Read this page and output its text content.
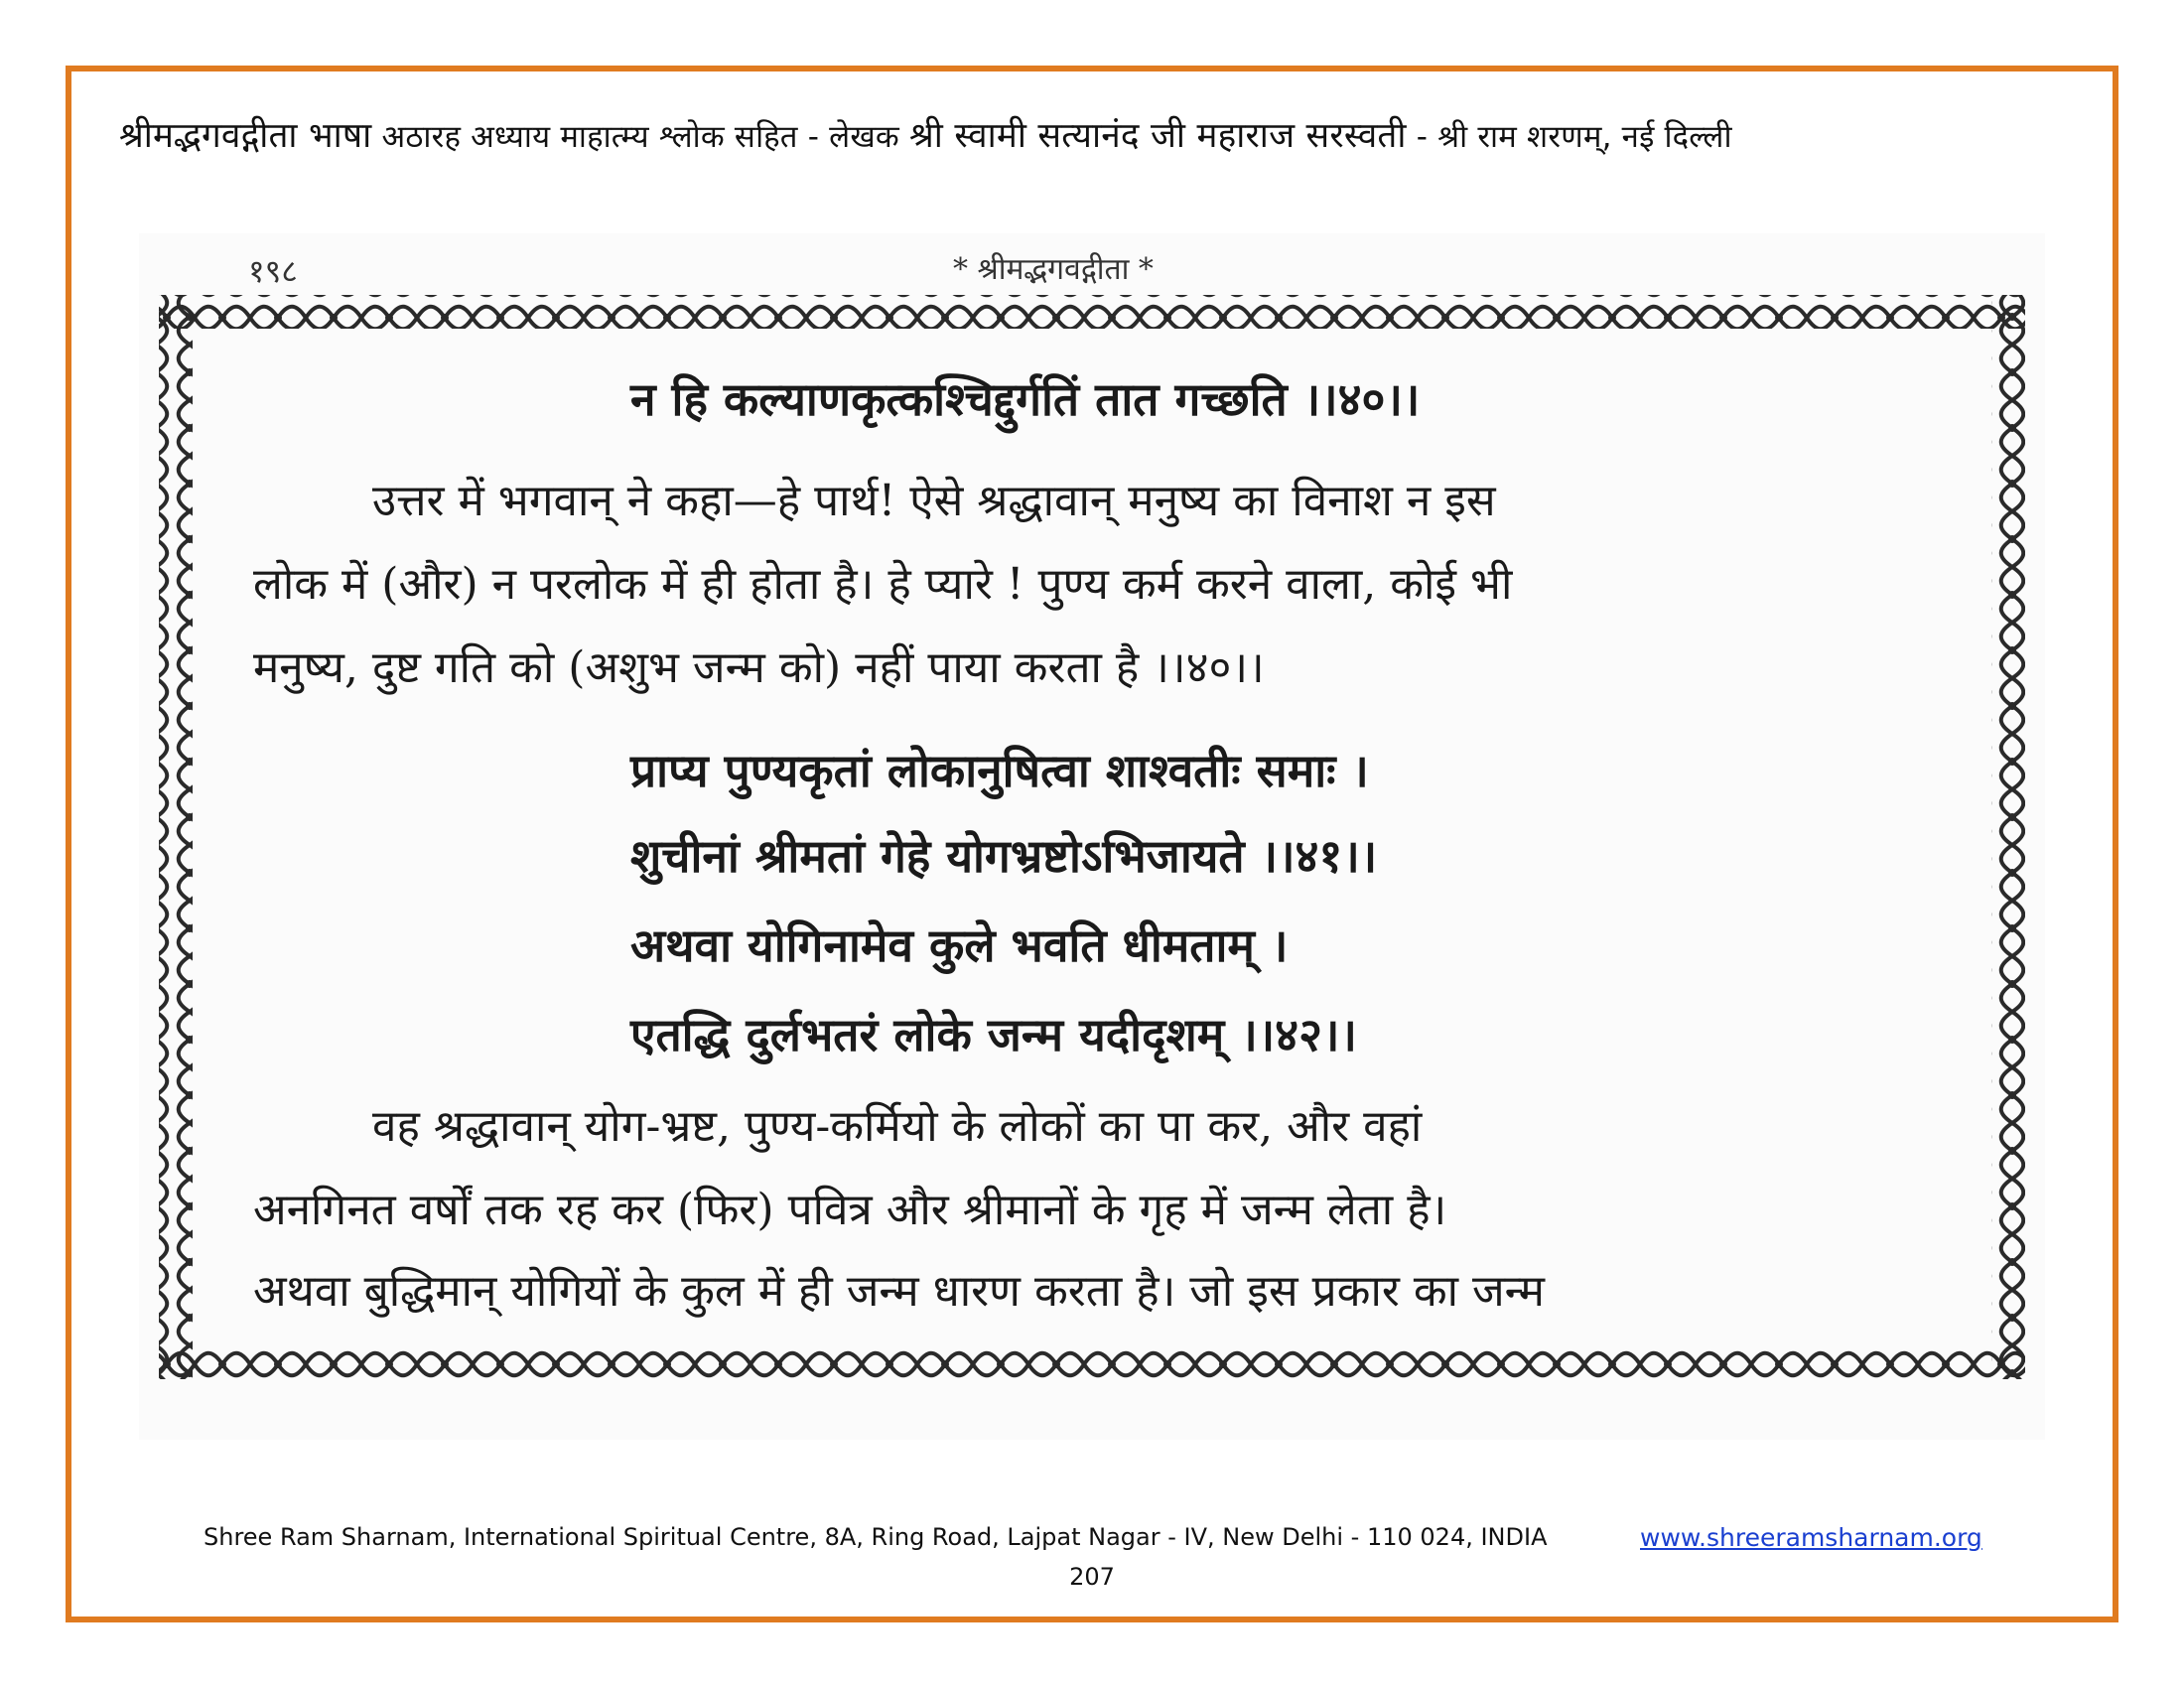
श्रीमद्भगवद्गीता भाषा अठारह अध्याय माहात्म्य श्लोक सहित - लेखक श्री स्वामी सत्यानंद जी महाराज सरस्वती - श्री राम शरणम्, नई दिल्ली
१९८	* श्रीमद्भगवद्गीता *
न हि कल्याणकृत्कश्चिद्दुर्गतिं तात गच्छति ।।४०।।
उत्तर में भगवान् ने कहा—हे पार्थ! ऐसे श्रद्धावान् मनुष्य का विनाश न इस
लोक में (और) न परलोक में ही होता है। हे प्यारे ! पुण्य कर्म करने वाला, कोई भी
मनुष्य, दुष्ट गति को (अशुभ जन्म को) नहीं पाया करता है ।।४०।।
प्राप्य पुण्यकृतां लोकानुषित्वा शाश्वतीः समाः ।
शुचीनां श्रीमतां गेहे योगभ्रष्टोऽभिजायते ।।४१।।
अथवा योगिनामेव कुले भवति धीमताम् ।
एतद्धि दुर्लभतरं लोके जन्म यदीदृशम् ।।४२।।
वह श्रद्धावान् योग-भ्रष्ट, पुण्य-कर्मियो के लोकों का पा कर, और वहां
अनगिनत वर्षों तक रह कर (फिर) पवित्र और श्रीमानों के गृह में जन्म लेता है।
अथवा बुद्धिमान् योगियों के कुल में ही जन्म धारण करता है। जो इस प्रकार का जन्म
Shree Ram Sharnam, International Spiritual Centre, 8A, Ring Road, Lajpat Nagar - IV, New Delhi - 110 024, INDIA	www.shreeramsharnam.org
207
